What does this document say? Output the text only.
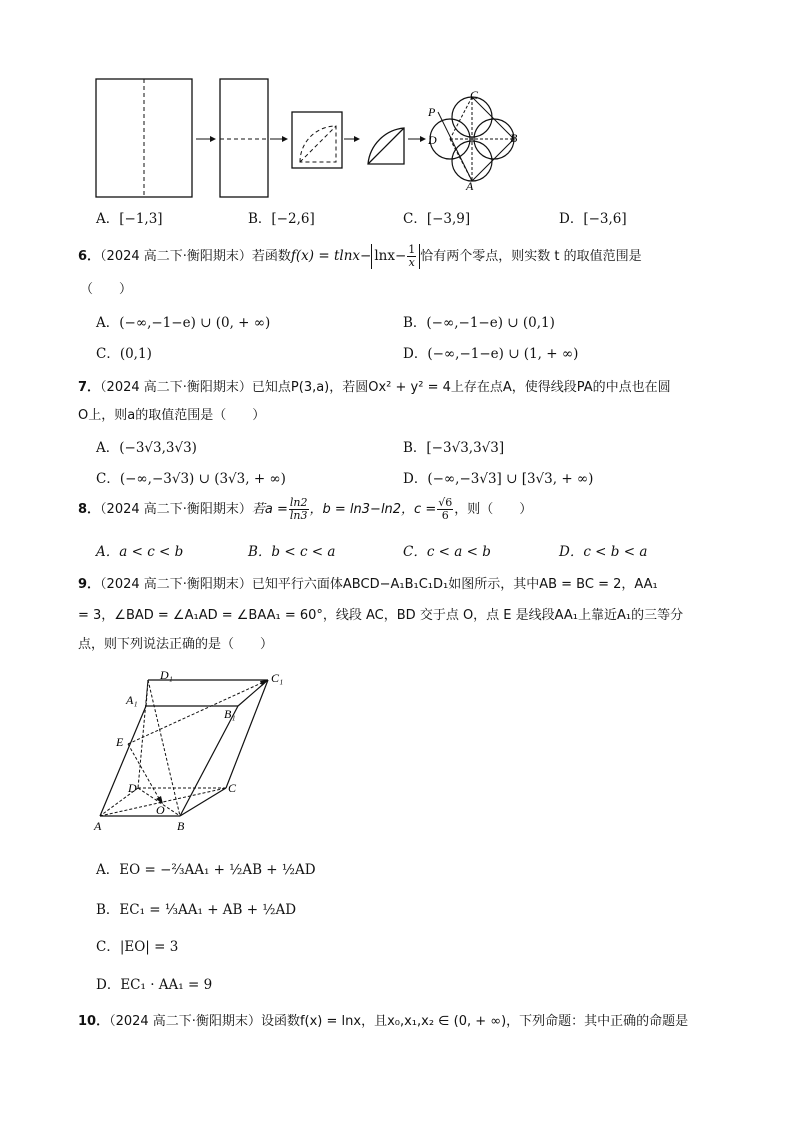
P
C
D	B
A
A．[−1,3]	B．[−2,6]	C．[−3,9]	D．[−3,6]
6．（2024 高二下·衡阳期末）若函数$f(x) = tlnx- \ln x- \frac{1}{x}$ 恰有两个零点，则实数 t 的取值范围是
（　　）
A．(−∞,−1−e) ∪ (0, + ∞)	B．(−∞,−1−e) ∪ (0,1)
C．(0,1)	D．(−∞,−1−e) ∪ (1, + ∞)
7．（2024 高二下·衡阳期末）已知点P(3,a)，若圆Ox² + y² = 4上存在点A，使得线段PA的中点也在圆
O上，则a的取值范围是（　　）
A．(−3√3,3√3)	B．[−3√3,3√3]
C．(−∞,−3√3) ∪ (3√3, + ∞)	D．(−∞,−3√3] ∪ [3√3, + ∞)
8．（2024 高二下·衡阳期末）若$a = \frac{\ln 2}{\ln 3}$ ，b = ln3−ln2，$c = \frac{√6}{6}$ ，则（　　）
A．a < c < b	B．b < c < a	C．c < a < b	D．c < b < a
9．（2024 高二下·衡阳期末）已知平行六面体ABCD−A₁B₁C₁D₁如图所示，其中AB = BC = 2，AA₁
= 3，∠BAD = ∠A₁AD = ∠BAA₁ = 60°，线段 AC，BD 交于点 O，点 E 是线段AA₁上靠近A₁的三等分
点，则下列说法正确的是（　　）
D₁	C₁
A₁
B₁
E
D	C
O
A	B
A．EO = −⅔AA₁ + ½AB + ½AD
B．EC₁ = ⅓AA₁ + AB + ½AD
C．|EO| = 3
D．EC₁ · AA₁ = 9
10．（2024 高二下·衡阳期末）设函数f(x) = lnx，且x₀,x₁,x₂ ∈ (0, + ∞)，下列命题：其中正确的命题是
